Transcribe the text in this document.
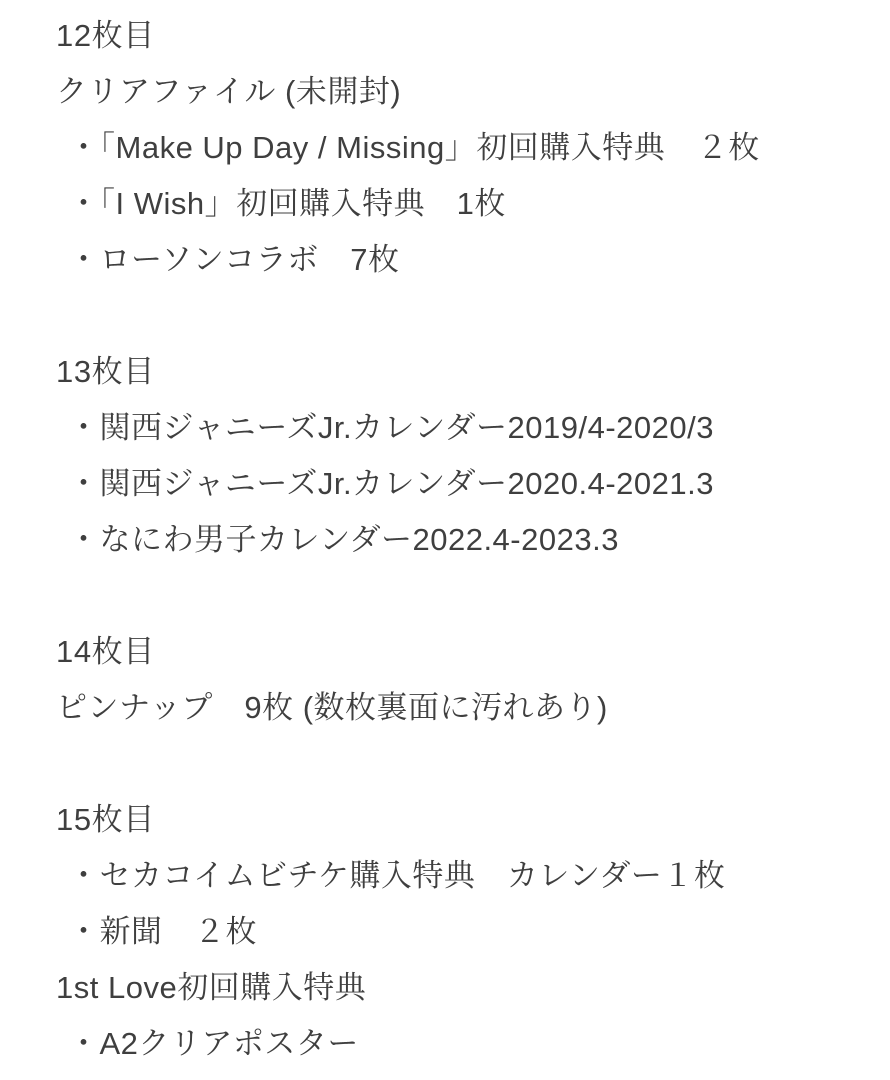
12枚目
クリアファイル (未開封)
・「Make Up Day / Missing」初回購入特典　２枚
・「I Wish」初回購入特典　1枚
・ローソンコラボ　7枚
13枚目
・関西ジャニーズJr.カレンダー2019/4-2020/3
・関西ジャニーズJr.カレンダー2020.4-2021.3
・なにわ男子カレンダー2022.4-2023.3
14枚目
ピンナップ　9枚 (数枚裏面に汚れあり)
15枚目
・セカコイムビチケ購入特典　カレンダー１枚
・新聞　２枚
1st Love初回購入特典
・A2クリアポスター
